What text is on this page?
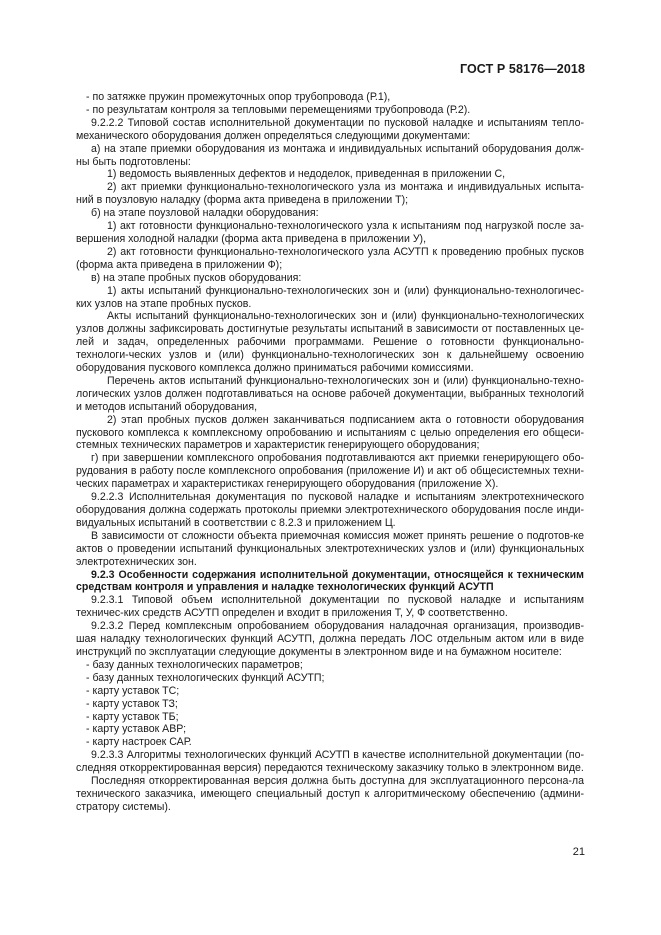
ГОСТ Р 58176—2018

- по затяжке пружин промежуточных опор трубопровода (Р.1),

- по результатам контроля за тепловыми перемещениями трубопровода (Р.2).

9.2.2.2 Типовой состав исполнительной документации по пусковой наладке и испытаниям тепло-механического оборудования должен определяться следующими документами:

а) на этапе приемки оборудования из монтажа и индивидуальных испытаний оборудования долж-ны быть подготовлены:

1) ведомость выявленных дефектов и недоделок, приведенная в приложении С,

2) акт приемки функционально-технологического узла из монтажа и индивидуальных испыта-ний в поузловую наладку (форма акта приведена в приложении Т);

б) на этапе поузловой наладки оборудования:

1) акт готовности функционально-технологического узла к испытаниям под нагрузкой после за-вершения холодной наладки (форма акта приведена в приложении У),

2) акт готовности функционально-технологического узла АСУТП к проведению пробных пусков (форма акта приведена в приложении Ф);

в) на этапе пробных пусков оборудования:

1) акты испытаний функционально-технологических зон и (или) функционально-технологичес-ких узлов на этапе пробных пусков.

Акты испытаний функционально-технологических зон и (или) функционально-технологических узлов должны зафиксировать достигнутые результаты испытаний в зависимости от поставленных це-лей и задач, определенных рабочими программами. Решение о готовности функционально-технологи-ческих узлов и (или) функционально-технологических зон к дальнейшему освоению оборудования пускового комплекса должно приниматься рабочими комиссиями.

Перечень актов испытаний функционально-технологических зон и (или) функционально-техно-логических узлов должен подготавливаться на основе рабочей документации, выбранных технологий и методов испытаний оборудования,

2) этап пробных пусков должен заканчиваться подписанием акта о готовности оборудования пускового комплекса к комплексному опробованию и испытаниям с целью определения его общеси-стемных технических параметров и характеристик генерирующего оборудования;

г) при завершении комплексного опробования подготавливаются акт приемки генерирующего обо-рудования в работу после комплексного опробования (приложение И) и акт об общесистемных техни-ческих параметрах и характеристиках генерирующего оборудования (приложение Х).

9.2.2.3 Исполнительная документация по пусковой наладке и испытаниям электротехнического оборудования должна содержать протоколы приемки электротехнического оборудования после инди-видуальных испытаний в соответствии с 8.2.3 и приложением Ц.

В зависимости от сложности объекта приемочная комиссия может принять решение о подготов-ке актов о проведении испытаний функциональных электротехнических узлов и (или) функциональных электротехнических зон.

9.2.3 Особенности содержания исполнительной документации, относящейся к техническим средствам контроля и управления и наладке технологических функций АСУТП

9.2.3.1 Типовой объем исполнительной документации по пусковой наладке и испытаниям техничес-ких средств АСУТП определен и входит в приложения Т, У, Ф соответственно.

9.2.3.2 Перед комплексным опробованием оборудования наладочная организация, производив-шая наладку технологических функций АСУТП, должна передать ЛОС отдельным актом или в виде инструкций по эксплуатации следующие документы в электронном виде и на бумажном носителе:

- базу данных технологических параметров;

- базу данных технологических функций АСУТП;

- карту уставок ТС;

- карту уставок ТЗ;

- карту уставок ТБ;

- карту уставок АВР;

- карту настроек САР.

9.2.3.3 Алгоритмы технологических функций АСУТП в качестве исполнительной документации (по-следняя откорректированная версия) передаются техническому заказчику только в электронном виде.

Последняя откорректированная версия должна быть доступна для эксплуатационного персона-ла технического заказчика, имеющего специальный доступ к алгоритмическому обеспечению (админи-стратору системы).

21
